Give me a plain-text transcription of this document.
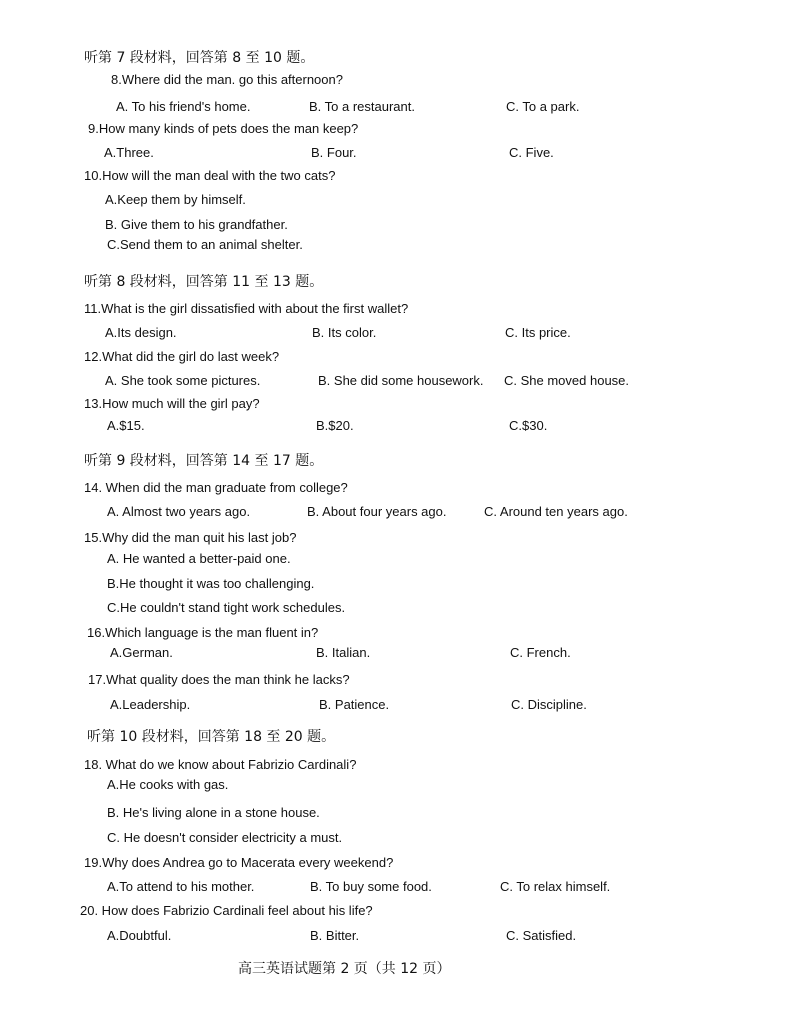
听第 7 段材料，回答第 8 至 10 题。
8.Where did the man. go this afternoon?
A. To his friend's home.	B. To a restaurant.	C. To a park.
9.How many kinds of pets does the man keep?
A.Three.	B. Four.	C. Five.
10.How will the man deal with the two cats?
A.Keep them by himself.
B. Give them to his grandfather.
C.Send them to an animal shelter.
听第 8 段材料，回答第 11 至 13 题。
11.What is the girl dissatisfied with about the first wallet?
A.Its design.	B. Its color.	C. Its price.
12.What did the girl do last week?
A. She took some pictures.	B. She did some housework. C. She moved house.
13.How much will the girl pay?
A.$15.	B.$20.	C.$30.
听第 9 段材料，回答第 14 至 17 题。
14. When did the man graduate from college?
A. Almost two years ago.	B. About four years ago.	C. Around ten years ago.
15.Why did the man quit his last job?
A. He wanted a better-paid one.
B.He thought it was too challenging.
C.He couldn't stand tight work schedules.
16.Which language is the man fluent in?
A.German.	B. Italian.	C. French.
17.What quality does the man think he lacks?
A.Leadership.	B. Patience.	C. Discipline.
听第 10 段材料，回答第 18 至 20 题。
18. What do we know about Fabrizio Cardinali?
A.He cooks with gas.
B. He's living alone in a stone house.
C. He doesn't consider electricity a must.
19.Why does Andrea go to Macerata every weekend?
A.To attend to his mother.	B. To buy some food.	C. To relax himself.
20. How does Fabrizio Cardinali feel about his life?
A.Doubtful.	B. Bitter.	C. Satisfied.
高三英语试题第 2 页（共 12 页）
